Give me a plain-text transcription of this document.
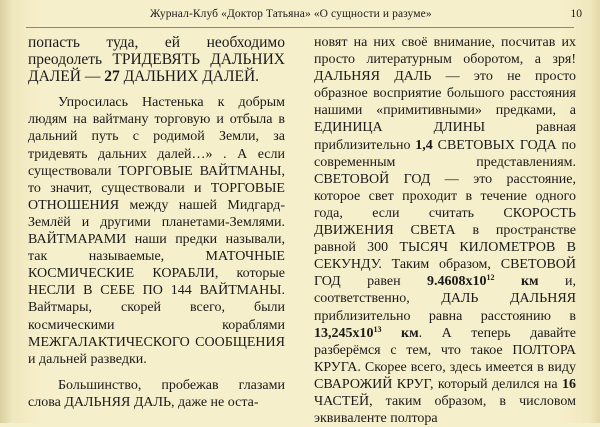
Журнал-Клуб «Доктор Татьяна» «О сущности и разуме»	10

попасть туда, ей необходимо преодолеть ТРИДЕВЯТЬ ДАЛЬНИХ ДАЛЕЙ — 27 ДАЛЬНИХ ДАЛЕЙ.

Упросилась Настенька к добрым людям на вайтману торговую и отбыла в дальний путь с родимой Земли, за тридевять дальних далей…» . А если существовали ТОРГОВЫЕ ВАЙТМАНЫ, то значит, существовали и ТОРГОВЫЕ ОТНОШЕНИЯ между нашей Мидгард-Землёй и другими планетами-Землями. ВАЙТМАРАМИ наши предки называли, так называемые, МАТОЧНЫЕ КОСМИЧЕСКИЕ КОРАБЛИ, которые НЕСЛИ В СЕБЕ ПО 144 ВАЙТМАНЫ. Вайтмары, скорей всего, были космическими кораблями МЕЖГАЛАКТИЧЕСКОГО СООБЩЕНИЯ и дальней разведки.

Большинство, пробежав глазами слова ДАЛЬНЯЯ ДАЛЬ, даже не оста-

новят на них своё внимание, посчитав их просто литературным оборотом, а зря! ДАЛЬНЯЯ ДАЛЬ — это не просто образное восприятие большого расстояния нашими «примитивными» предками, а ЕДИНИЦА ДЛИНЫ равная приблизительно 1,4 СВЕТОВЫХ ГОДА по современным представлениям. СВЕТОВОЙ ГОД — это расстояние, которое свет проходит в течение одного года, если считать СКОРОСТЬ ДВИЖЕНИЯ СВЕТА в пространстве равной 300 ТЫСЯЧ КИЛОМЕТРОВ В СЕКУНДУ. Таким образом, СВЕТОВОЙ ГОД равен $9.4608x10^{12}$ км и, соответственно, ДАЛЬ ДАЛЬНЯЯ приблизительно равна расстоянию в $13,245x10^{13}$ км. А теперь давайте разберёмся с тем, что такое ПОЛТОРА КРУГА. Скорее всего, здесь имеется в виду СВАРОЖИЙ КРУГ, который делился на 16 ЧАСТЕЙ, таким образом, в числовом эквиваленте полтора
